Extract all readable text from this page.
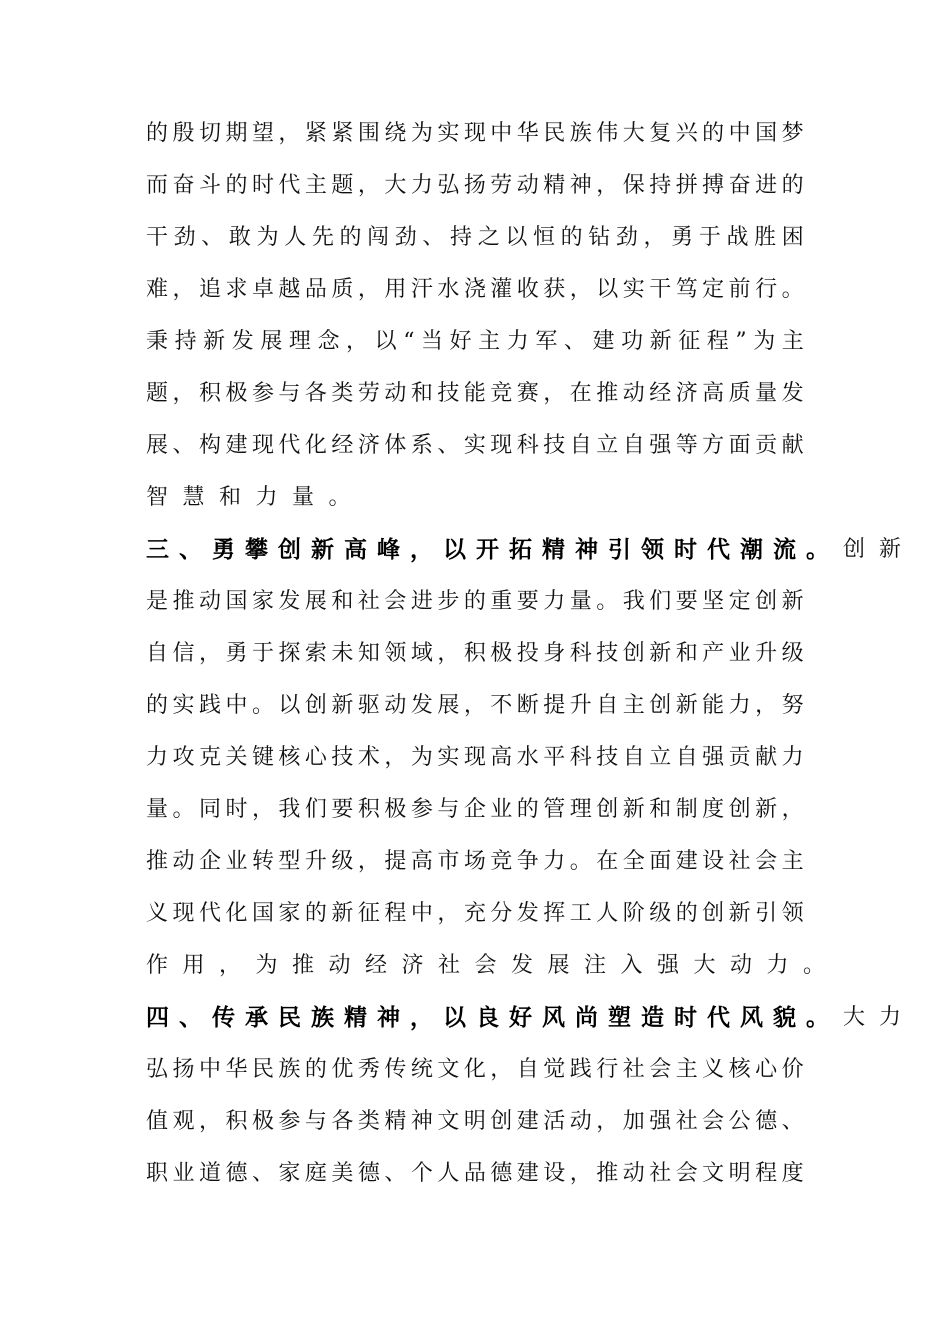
的 殷 切 期 望 ， 紧 紧 围 绕 为 实 现 中 华 民 族 伟 大 复 兴 的 中 国 梦
而 奋 斗 的 时 代 主 题 ， 大 力 弘 扬 劳 动 精 神 ， 保 持 拼 搏 奋 进 的
干 劲 、 敢 为 人 先 的 闯 劲 、 持 之 以 恒 的 钻 劲 ， 勇 于 战 胜 困
难 ， 追 求 卓 越 品 质 ， 用 汗 水 浇 灌 收 获 ， 以 实 干 笃 定 前 行 。
秉 持 新 发 展 理 念 ， 以 “ 当 好 主 力 军 、 建 功 新 征 程 ” 为 主
题 ， 积 极 参 与 各 类 劳 动 和 技 能 竞 赛 ， 在 推 动 经 济 高 质 量 发
展 、 构 建 现 代 化 经 济 体 系 、 实 现 科 技 自 立 自 强 等 方 面 贡 献
智慧和力量。
三、勇攀创新高峰，以开拓精神引领时代潮流。 创新
是 推 动 国 家 发 展 和 社 会 进 步 的 重 要 力 量 。 我 们 要 坚 定 创 新
自 信 ， 勇 于 探 索 未 知 领 域 ， 积 极 投 身 科 技 创 新 和 产 业 升 级
的 实 践 中 。 以 创 新 驱 动 发 展 ， 不 断 提 升 自 主 创 新 能 力 ， 努
力 攻 克 关 键 核 心 技 术 ， 为 实 现 高 水 平 科 技 自 立 自 强 贡 献 力
量 。 同 时 ， 我 们 要 积 极 参 与 企 业 的 管 理 创 新 和 制 度 创 新 ，
推 动 企 业 转 型 升 级 ， 提 高 市 场 竞 争 力 。 在 全 面 建 设 社 会 主
义 现 代 化 国 家 的 新 征 程 中 ， 充 分 发 挥 工 人 阶 级 的 创 新 引 领
作用，为推动经济社会发展注入强大动力。
四、传承民族精神，以良好风尚塑造时代风貌。 大力
弘 扬 中 华 民 族 的 优 秀 传 统 文 化 ， 自 觉 践 行 社 会 主 义 核 心 价
值 观 ， 积 极 参 与 各 类 精 神 文 明 创 建 活 动 ， 加 强 社 会 公 德 、
职 业 道 德 、 家 庭 美 德 、 个 人 品 德 建 设 ， 推 动 社 会 文 明 程 度
